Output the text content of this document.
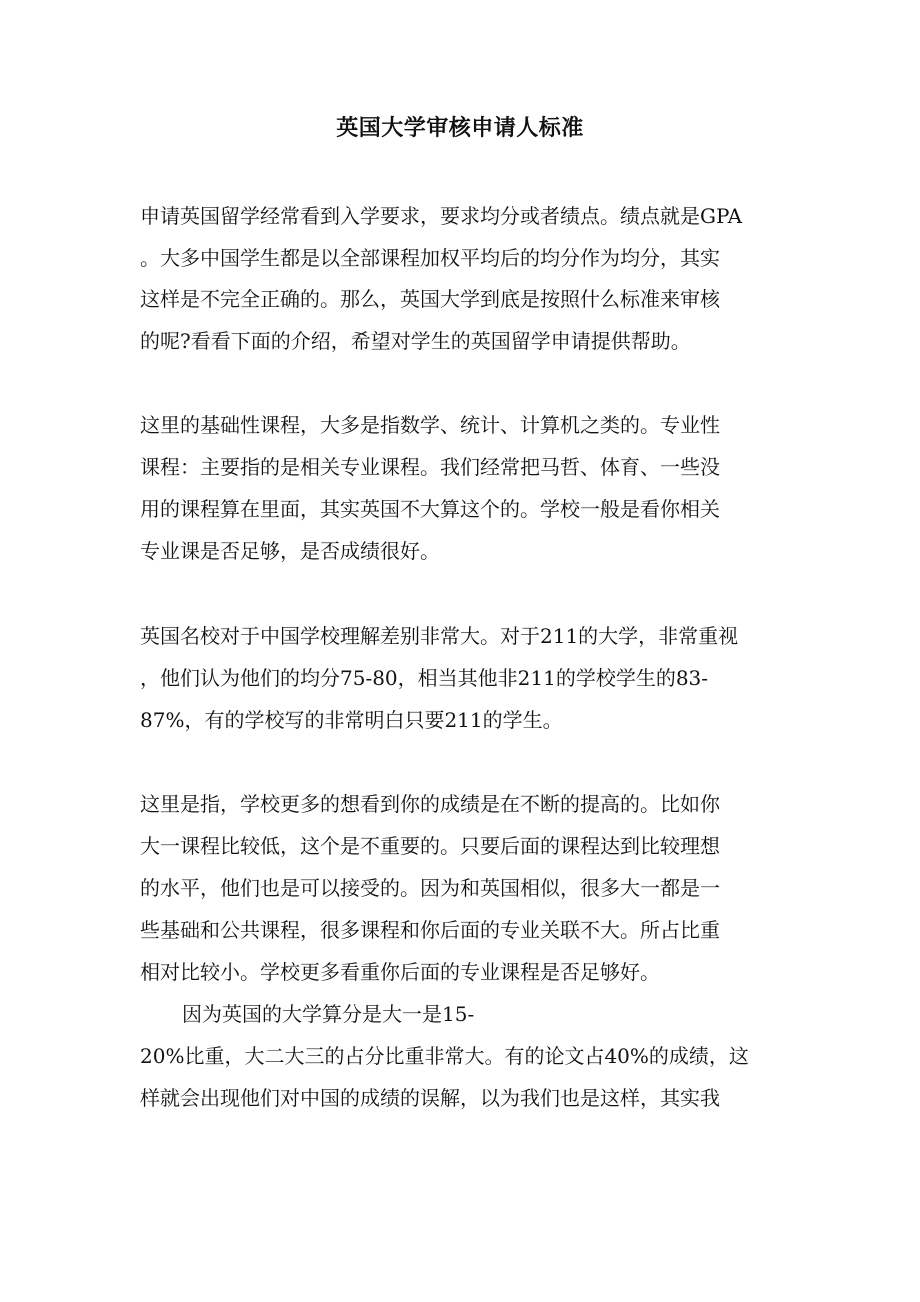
英国大学审核申请人标准
申请英国留学经常看到入学要求，要求均分或者绩点。绩点就是GPA
。大多中国学生都是以全部课程加权平均后的均分作为均分，其实
这样是不完全正确的。那么，英国大学到底是按照什么标准来审核
的呢?看看下面的介绍，希望对学生的英国留学申请提供帮助。
这里的基础性课程，大多是指数学、统计、计算机之类的。专业性
课程：主要指的是相关专业课程。我们经常把马哲、体育、一些没
用的课程算在里面，其实英国不大算这个的。学校一般是看你相关
专业课是否足够，是否成绩很好。
英国名校对于中国学校理解差别非常大。对于211的大学，非常重视
，他们认为他们的均分75-80，相当其他非211的学校学生的83-
87%，有的学校写的非常明白只要211的学生。
这里是指，学校更多的想看到你的成绩是在不断的提高的。比如你
大一课程比较低，这个是不重要的。只要后面的课程达到比较理想
的水平，他们也是可以接受的。因为和英国相似，很多大一都是一
些基础和公共课程，很多课程和你后面的专业关联不大。所占比重
相对比较小。学校更多看重你后面的专业课程是否足够好。
因为英国的大学算分是大一是15-
20%比重，大二大三的占分比重非常大。有的论文占40%的成绩，这
样就会出现他们对中国的成绩的误解，以为我们也是这样，其实我
